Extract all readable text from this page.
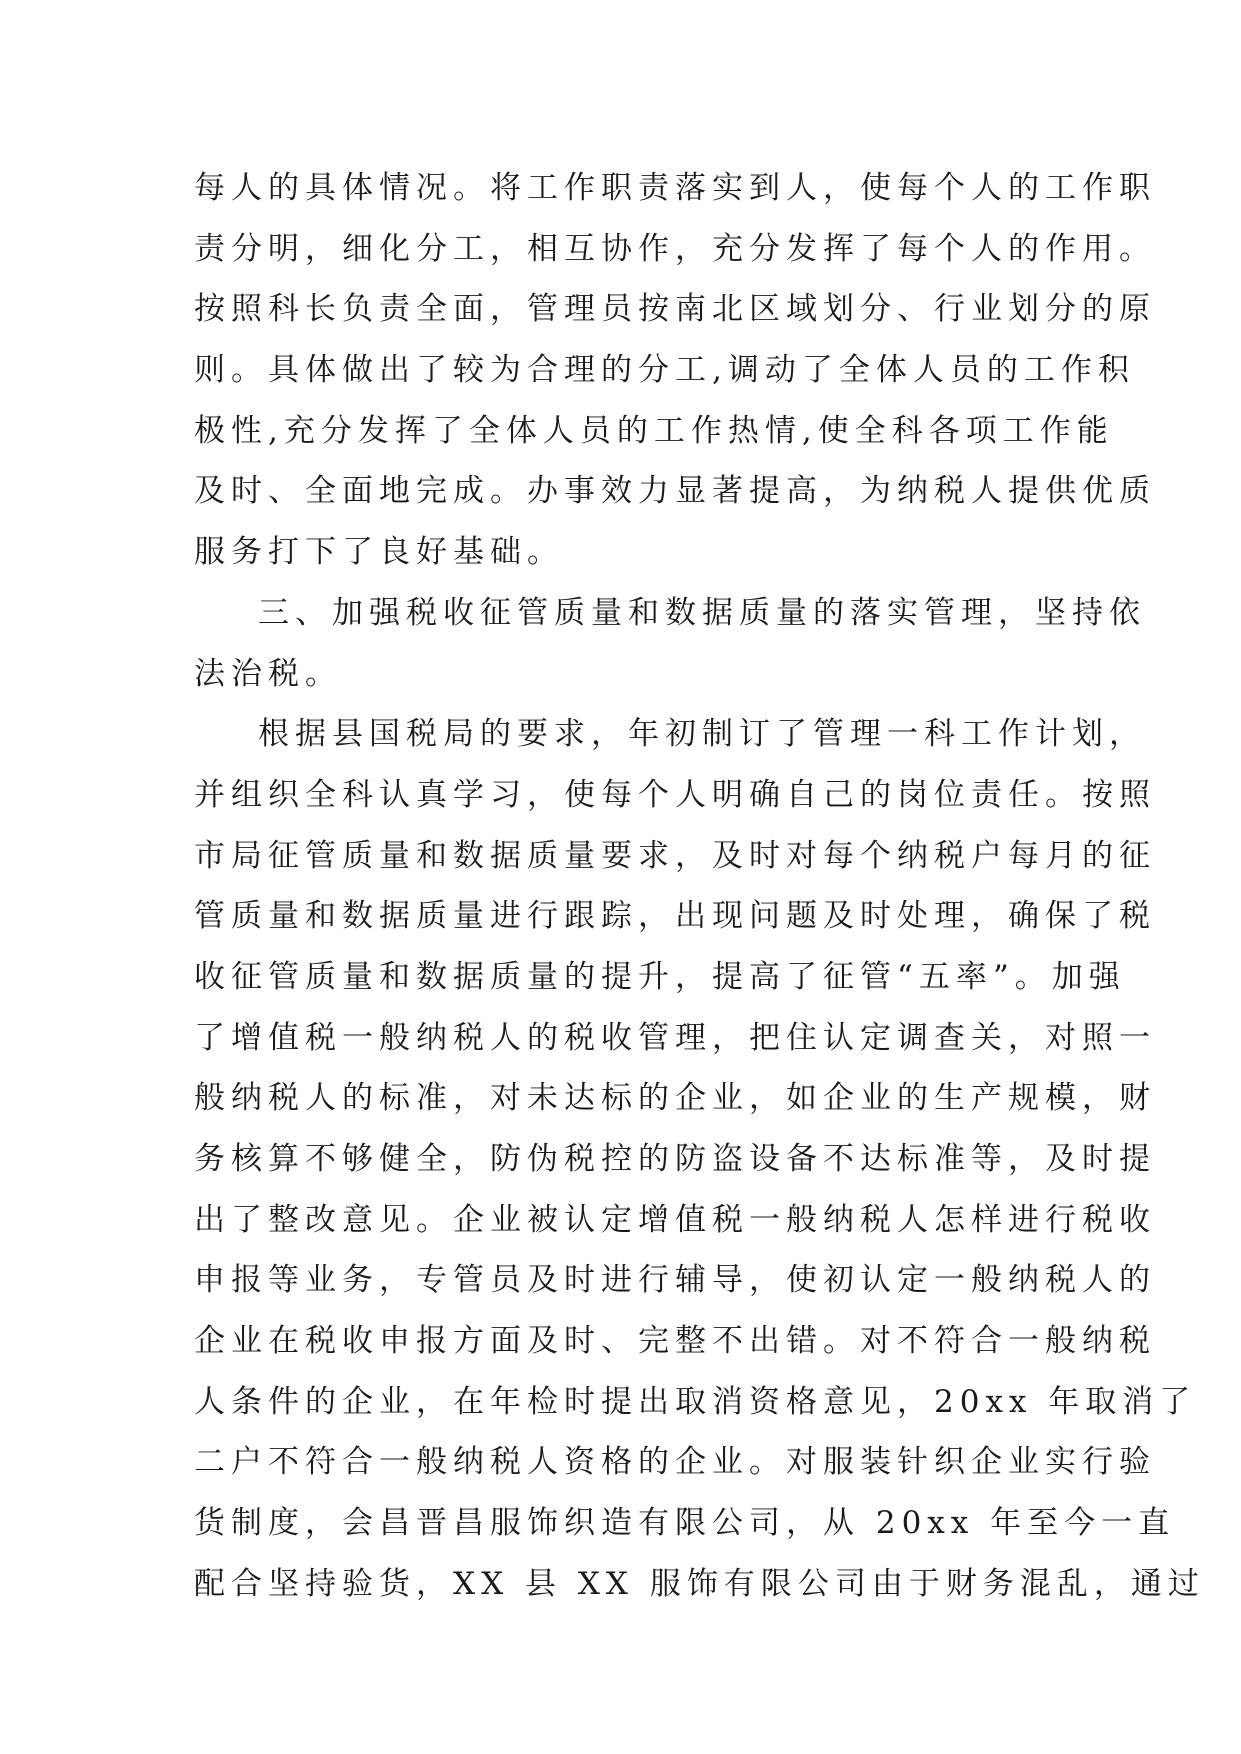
每人的具体情况。将工作职责落实到人，使每个人的工作职
责分明，细化分工，相互协作，充分发挥了每个人的作用。
按照科长负责全面，管理员按南北区域划分、行业划分的原
则。具体做出了较为合理的分工,调动了全体人员的工作积
极性,充分发挥了全体人员的工作热情,使全科各项工作能
及时、全面地完成。办事效力显著提高，为纳税人提供优质
服务打下了良好基础。
三、加强税收征管质量和数据质量的落实管理，坚持依
法治税。
根据县国税局的要求，年初制订了管理一科工作计划，
并组织全科认真学习，使每个人明确自己的岗位责任。按照
市局征管质量和数据质量要求，及时对每个纳税户每月的征
管质量和数据质量进行跟踪，出现问题及时处理，确保了税
收征管质量和数据质量的提升，提高了征管“五率”。加强
了增值税一般纳税人的税收管理，把住认定调查关，对照一
般纳税人的标准，对未达标的企业，如企业的生产规模，财
务核算不够健全，防伪税控的防盗设备不达标准等，及时提
出了整改意见。企业被认定增值税一般纳税人怎样进行税收
申报等业务，专管员及时进行辅导，使初认定一般纳税人的
企业在税收申报方面及时、完整不出错。对不符合一般纳税
人条件的企业，在年检时提出取消资格意见，20xx 年取消了
二户不符合一般纳税人资格的企业。对服装针织企业实行验
货制度，会昌晋昌服饰织造有限公司，从 20xx 年至今一直
配合坚持验货，XX 县 XX 服饰有限公司由于财务混乱，通过
